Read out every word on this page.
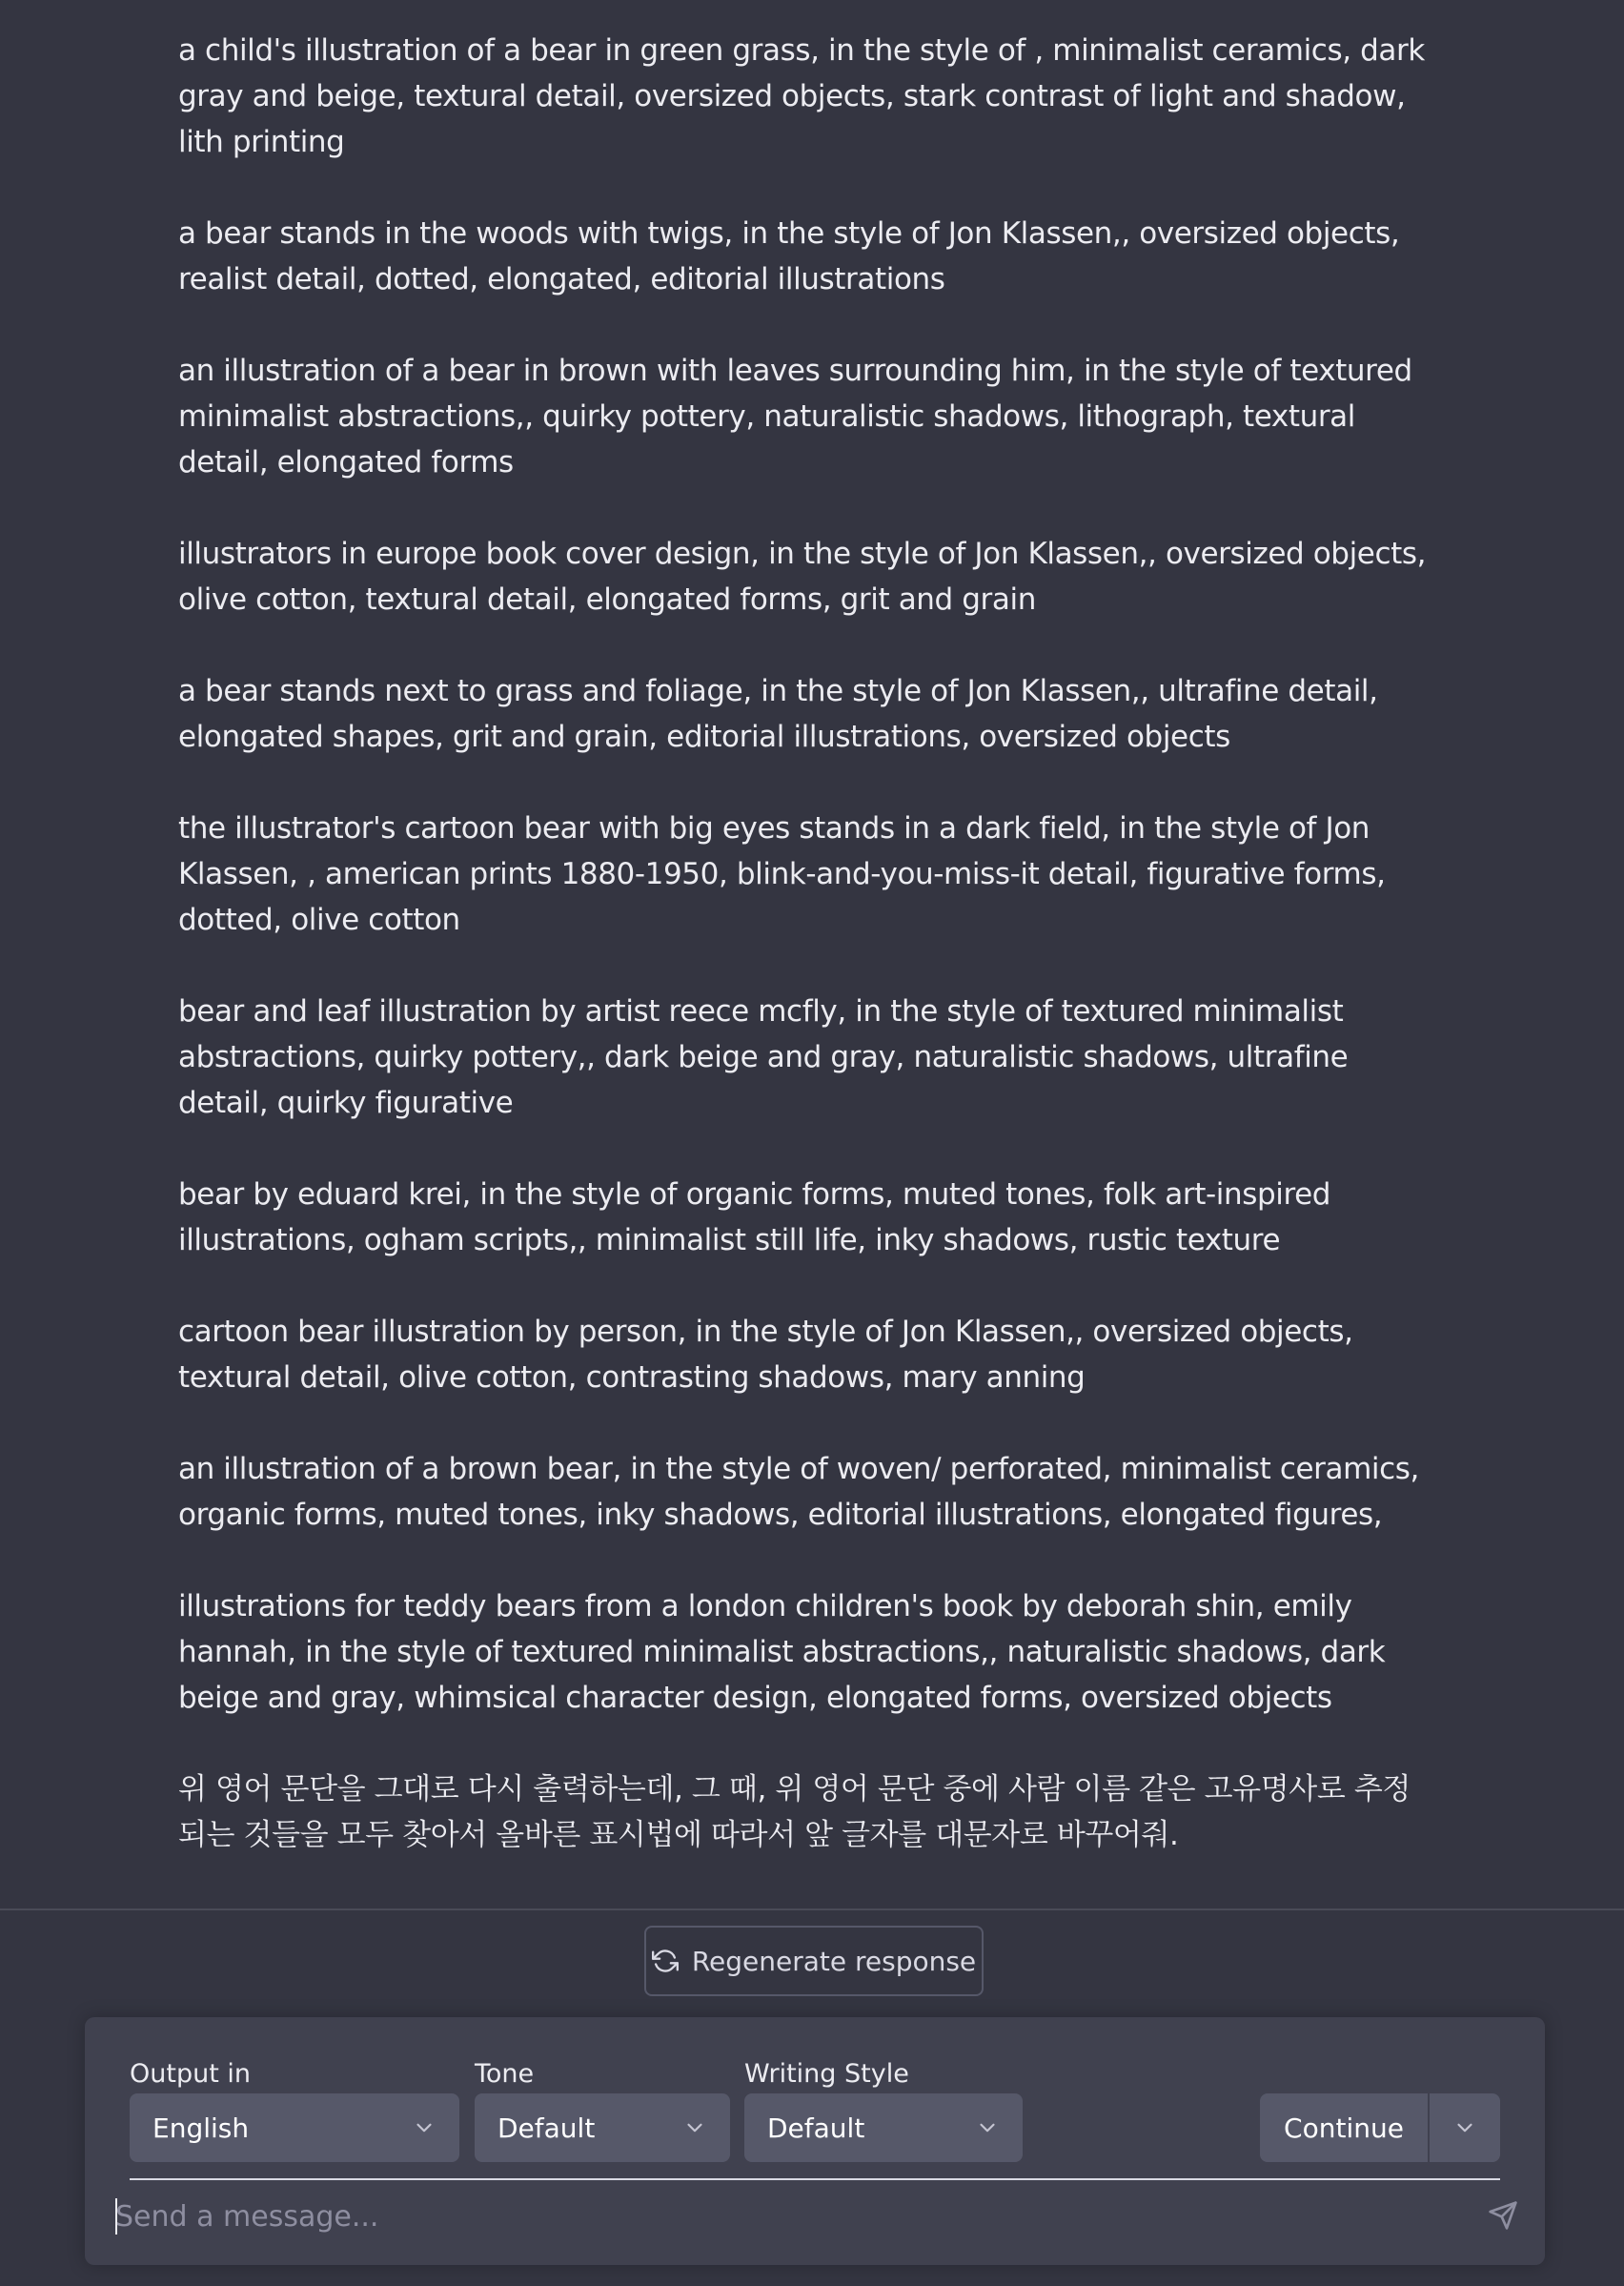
a child's illustration of a bear in green grass, in the style of , minimalist ceramics, dark gray and beige, textural detail, oversized objects, stark contrast of light and shadow, lith printing

a bear stands in the woods with twigs, in the style of Jon Klassen,, oversized objects, realist detail, dotted, elongated, editorial illustrations

an illustration of a bear in brown with leaves surrounding him, in the style of textured minimalist abstractions,, quirky pottery, naturalistic shadows, lithograph, textural detail, elongated forms

illustrators in europe book cover design, in the style of Jon Klassen,, oversized objects, olive cotton, textural detail, elongated forms, grit and grain

a bear stands next to grass and foliage, in the style of Jon Klassen,, ultrafine detail, elongated shapes, grit and grain, editorial illustrations, oversized objects

the illustrator's cartoon bear with big eyes stands in a dark field, in the style of Jon Klassen, , american prints 1880-1950, blink-and-you-miss-it detail, figurative forms, dotted, olive cotton

bear and leaf illustration by artist reece mcfly, in the style of textured minimalist abstractions, quirky pottery,, dark beige and gray, naturalistic shadows, ultrafine detail, quirky figurative

bear by eduard krei, in the style of organic forms, muted tones, folk art-inspired illustrations, ogham scripts,, minimalist still life, inky shadows, rustic texture

cartoon bear illustration by person, in the style of Jon Klassen,, oversized objects, textural detail, olive cotton, contrasting shadows, mary anning

an illustration of a brown bear, in the style of woven/ perforated, minimalist ceramics, organic forms, muted tones, inky shadows, editorial illustrations, elongated figures,

illustrations for teddy bears from a london children's book by deborah shin, emily hannah, in the style of textured minimalist abstractions,, naturalistic shadows, dark beige and gray, whimsical character design, elongated forms, oversized objects

위 영어 문단을 그대로 다시 출력하는데, 그 때, 위 영어 문단 중에 사람 이름 같은 고유명사로 추정되는 것들을 모두 찾아서 올바른 표시법에 따라서 앞 글자를 대문자로 바꾸어줘.

Regenerate response
Output in
English
Tone
Default
Writing Style
Default	Continue
Send a message...
